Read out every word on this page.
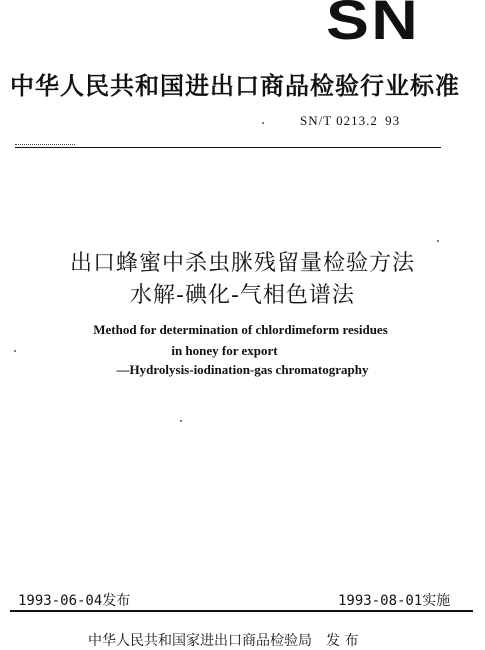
SN
中华人民共和国进出口商品检验行业标准
SN/T 0213.2  93
出口蜂蜜中杀虫脒残留量检验方法
水解-碘化-气相色谱法
Method for determination of chlordimeform residues
in honey for export
—Hydrolysis-iodination-gas chromatography
1993-06-04发布	1993-08-01实施
中华人民共和国家进出口商品检验局　发 布
